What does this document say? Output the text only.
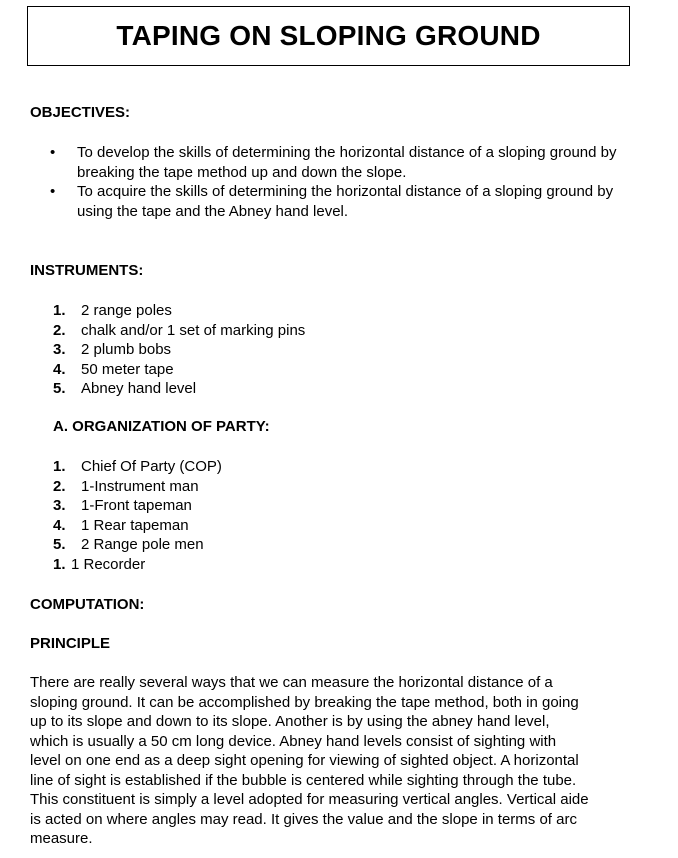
TAPING ON SLOPING GROUND
OBJECTIVES:
• To develop the skills of determining the horizontal distance of a sloping ground by breaking the tape method up and down the slope.
• To acquire the skills of determining the horizontal distance of a sloping ground by using the tape and the Abney hand level.
INSTRUMENTS:
1.	2 range poles
2.	chalk and/or 1 set of marking pins
3.	2 plumb bobs
4.	50 meter tape
5.	Abney hand level
A. ORGANIZATION OF PARTY:
1.	Chief Of Party (COP)
2.	1-Instrument man
3.	1-Front tapeman
4.	1 Rear tapeman
5.	2 Range pole men
1. 1 Recorder
COMPUTATION:
PRINCIPLE
There are really several ways that we can measure the horizontal distance of a
sloping ground. It can be accomplished by breaking the tape method, both in going
up to its slope and down to its slope. Another is by using the abney hand level,
which is usually a 50 cm long device. Abney hand levels consist of sighting with
level on one end as a deep sight opening for viewing of sighted object. A horizontal
line of sight is established if the bubble is centered while sighting through the tube.
This constituent is simply a level adopted for measuring vertical angles. Vertical aide
is acted on where angles may read. It gives the value and the slope in terms of arc
measure.
